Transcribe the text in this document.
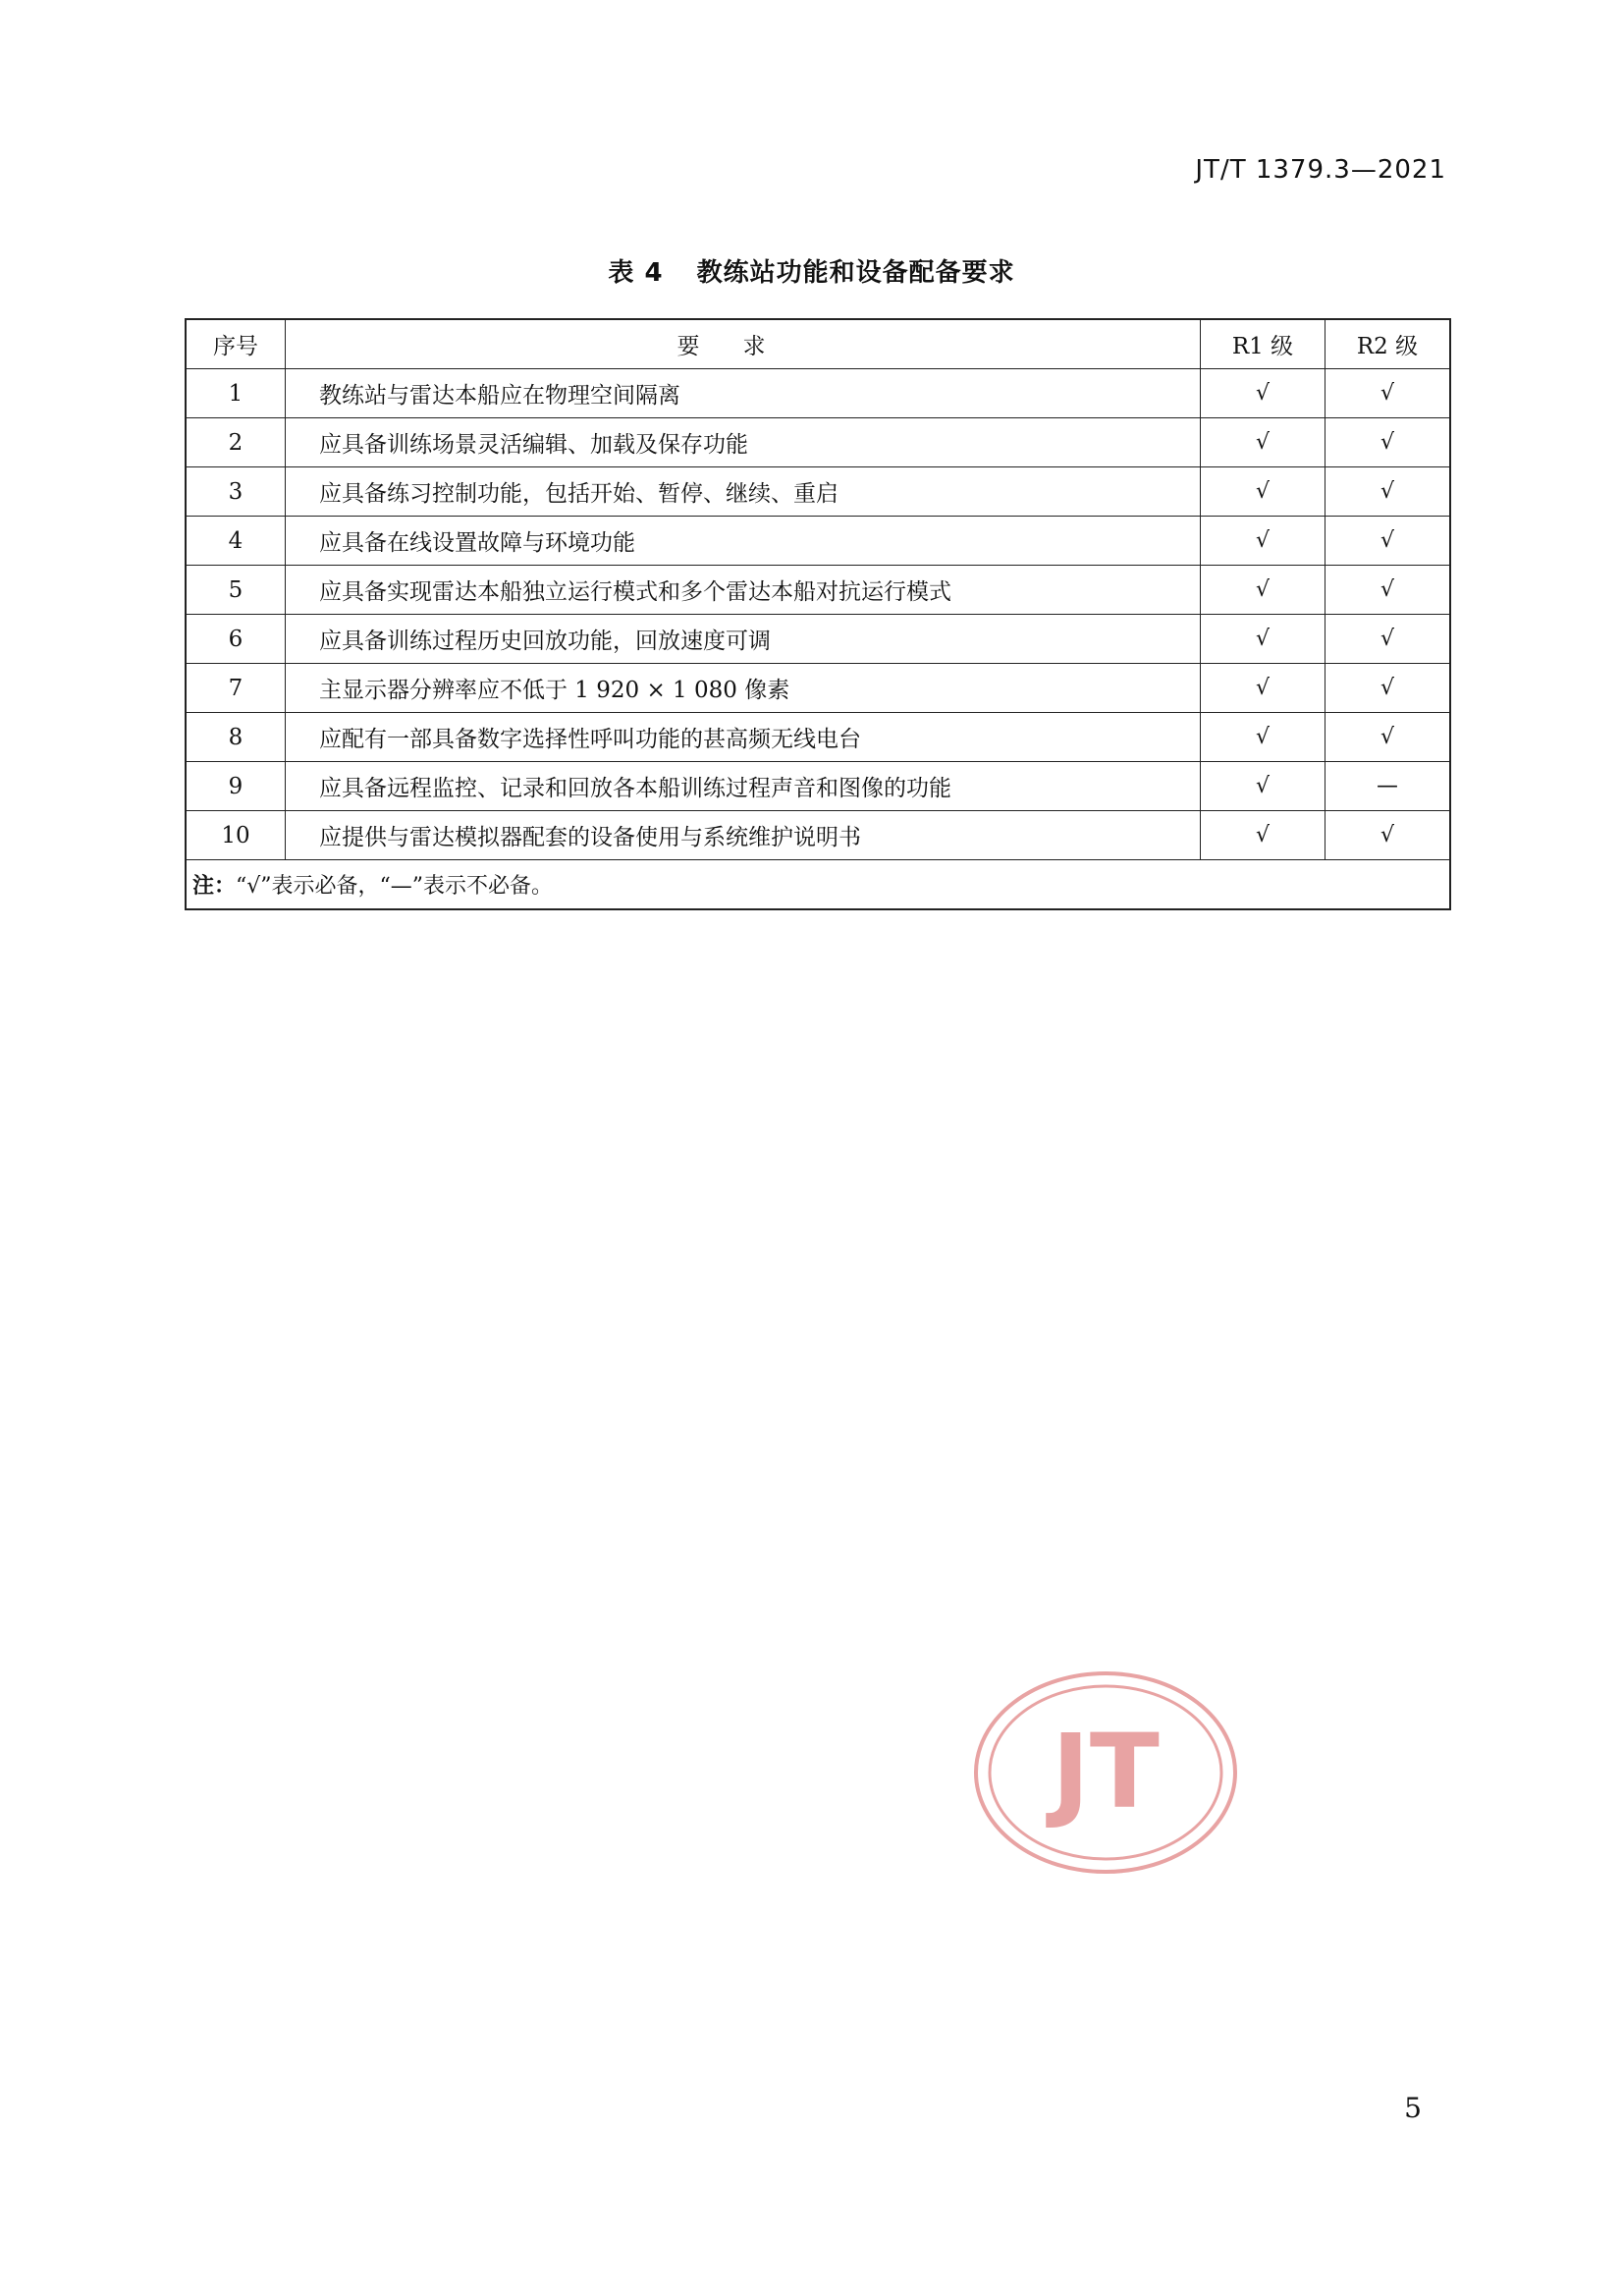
JT/T 1379.3—2021
表 4 教练站功能和设备配备要求
序号	要求	R1 级	R2 级
1	教练站与雷达本船应在物理空间隔离	√	√
2	应具备训练场景灵活编辑、加载及保存功能	√	√
3	应具备练习控制功能，包括开始、暂停、继续、重启	√	√
4	应具备在线设置故障与环境功能	√	√
5	应具备实现雷达本船独立运行模式和多个雷达本船对抗运行模式	√	√
6	应具备训练过程历史回放功能，回放速度可调	√	√
7	主显示器分辨率应不低于 1 920 × 1 080 像素	√	√
8	应配有一部具备数字选择性呼叫功能的甚高频无线电台	√	√
9	应具备远程监控、记录和回放各本船训练过程声音和图像的功能	√	—
10	应提供与雷达模拟器配套的设备使用与系统维护说明书	√	√
注：“√”表示必备，“—”表示不必备。			
JT
5
